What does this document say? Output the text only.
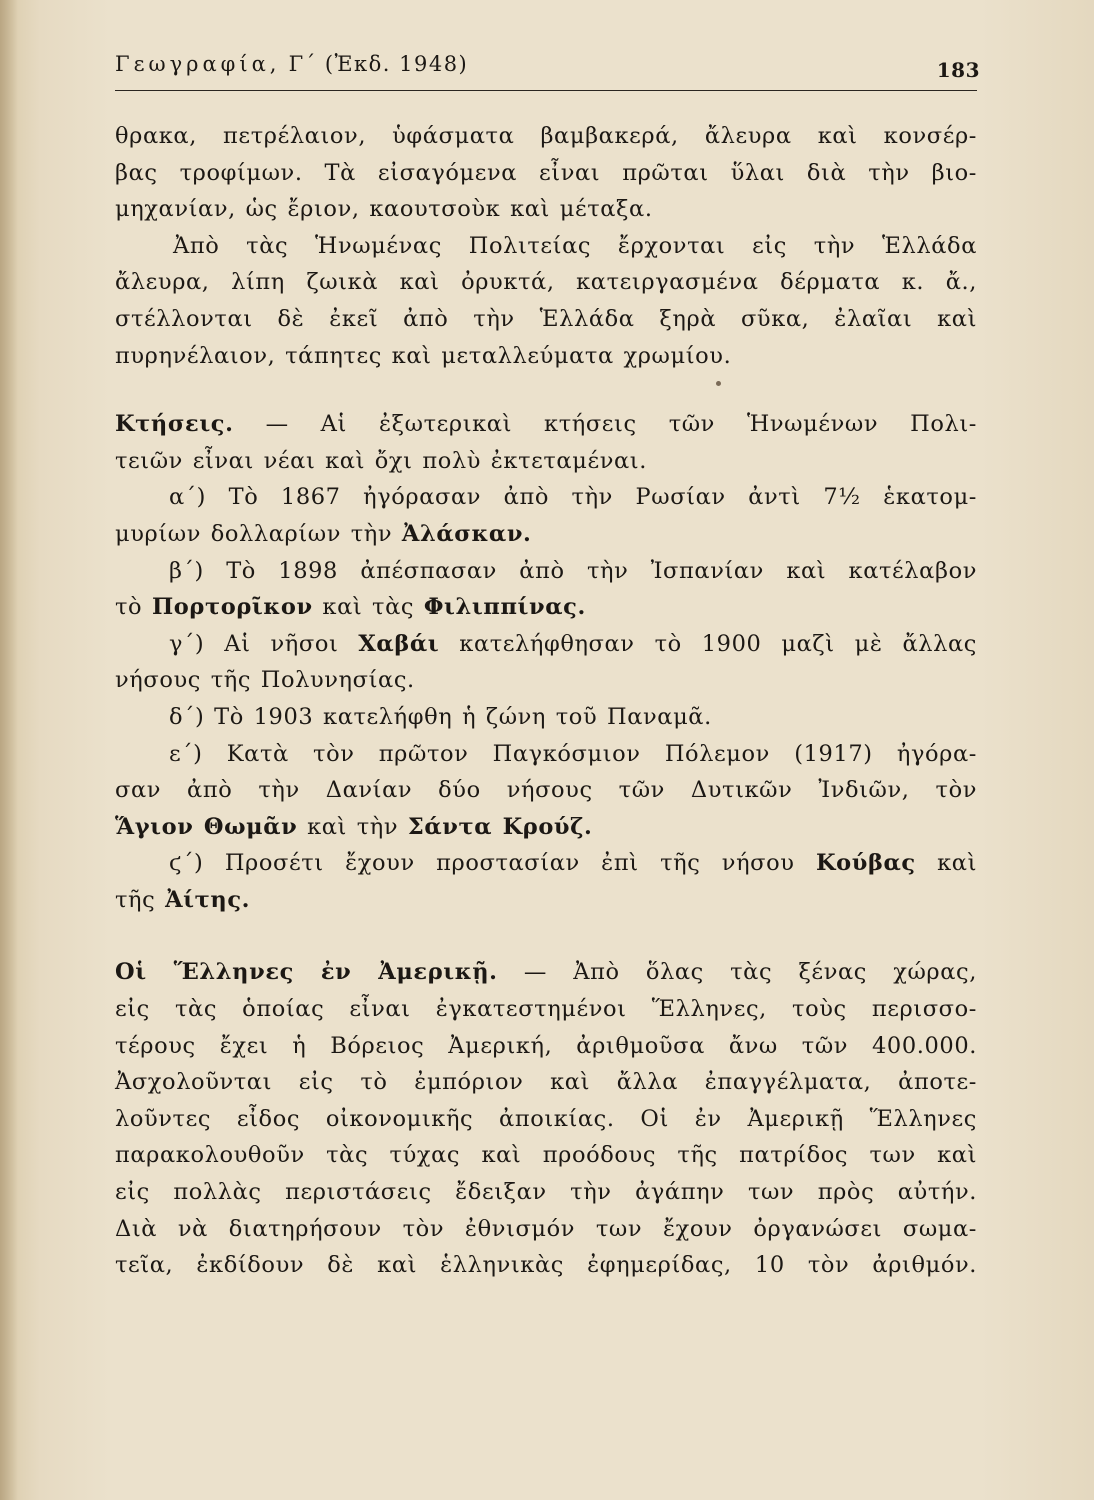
Γεωγραφία, Γ΄ (Ἐκδ. 1948)	183
θρακα, πετρέλαιον, ὑφάσματα βαμβακερά, ἄλευρα καὶ κονσέρ-
βας τροφίμων. Τὰ εἰσαγόμενα εἶναι πρῶται ὕλαι διὰ τὴν βιο-
μηχανίαν, ὡς ἔριον, καουτσοὺκ καὶ μέταξα.
Ἀπὸ τὰς Ἡνωμένας Πολιτείας ἔρχονται εἰς τὴν Ἑλλάδα
ἄλευρα, λίπη ζωικὰ καὶ ὀρυκτά, κατειργασμένα δέρματα κ. ἄ.,
στέλλονται δὲ ἐκεῖ ἀπὸ τὴν Ἑλλάδα ξηρὰ σῦκα, ἐλαῖαι καὶ
πυρηνέλαιον, τάπητες καὶ μεταλλεύματα χρωμίου.
Κτήσεις. — Αἱ ἐξωτερικαὶ κτήσεις τῶν Ἡνωμένων Πολι-
τειῶν εἶναι νέαι καὶ ὄχι πολὺ ἐκτεταμέναι.
α΄) Τὸ 1867 ἠγόρασαν ἀπὸ τὴν Ρωσίαν ἀντὶ 7½ ἑκατομ-
μυρίων δολλαρίων τὴν Ἀλάσκαν.
β΄) Τὸ 1898 ἀπέσπασαν ἀπὸ τὴν Ἰσπανίαν καὶ κατέλαβον
τὸ Πορτορῖκον καὶ τὰς Φιλιππίνας.
γ΄) Αἱ νῆσοι Χαβάι κατελήφθησαν τὸ 1900 μαζὶ μὲ ἄλλας
νήσους τῆς Πολυνησίας.
δ΄) Τὸ 1903 κατελήφθη ἡ ζώνη τοῦ Παναμᾶ.
ε΄) Κατὰ τὸν πρῶτον Παγκόσμιον Πόλεμον (1917) ἠγόρα-
σαν ἀπὸ τὴν Δανίαν δύο νήσους τῶν Δυτικῶν Ἰνδιῶν, τὸν
Ἅγιον Θωμᾶν καὶ τὴν Σάντα Κρούζ.
ϛ΄) Προσέτι ἔχουν προστασίαν ἐπὶ τῆς νήσου Κούβας καὶ
τῆς Ἀίτης.
Οἱ Ἕλληνες ἐν Ἀμερικῇ. — Ἀπὸ ὅλας τὰς ξένας χώρας,
εἰς τὰς ὁποίας εἶναι ἐγκατεστημένοι Ἕλληνες, τοὺς περισσο-
τέρους ἔχει ἡ Βόρειος Ἀμερική, ἀριθμοῦσα ἄνω τῶν 400.000.
Ἀσχολοῦνται εἰς τὸ ἐμπόριον καὶ ἄλλα ἐπαγγέλματα, ἀποτε-
λοῦντες εἶδος οἰκονομικῆς ἀποικίας. Οἱ ἐν Ἀμερικῇ Ἕλληνες
παρακολουθοῦν τὰς τύχας καὶ προόδους τῆς πατρίδος των καὶ
εἰς πολλὰς περιστάσεις ἔδειξαν τὴν ἀγάπην των πρὸς αὐτήν.
Διὰ νὰ διατηρήσουν τὸν ἐθνισμόν των ἔχουν ὀργανώσει σωμα-
τεῖα, ἐκδίδουν δὲ καὶ ἑλληνικὰς ἐφημερίδας, 10 τὸν ἀριθμόν.
